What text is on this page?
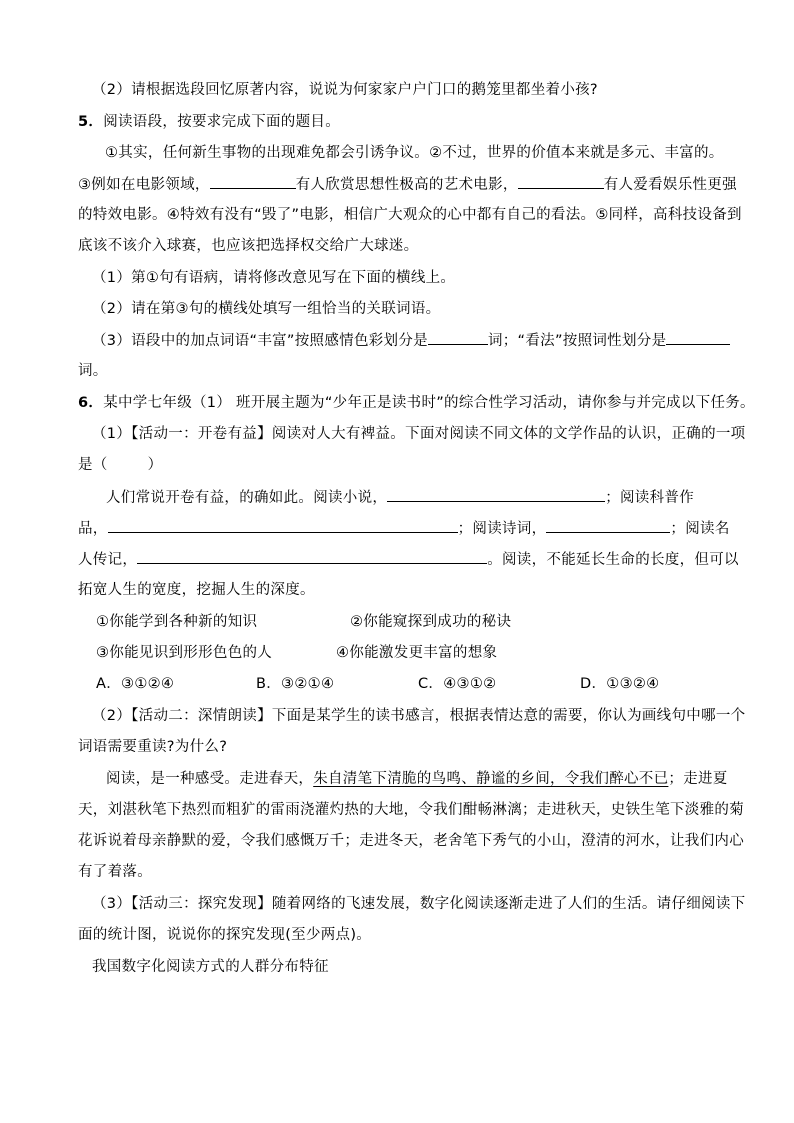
（2）请根据选段回忆原著内容，说说为何家家户户门口的鹅笼里都坐着小孩?
5．阅读语段，按要求完成下面的题目。
①其实，任何新生事物的出现难免都会引诱争议。②不过，世界的价值本来就是多元、丰富的。
③例如在电影领域，	有人欣赏思想性极高的艺术电影，	有人爱看娱乐性更强
的特效电影。④特效有没有“毁了”电影，相信广大观众的心中都有自己的看法。⑤同样，高科技设备到
底该不该介入球赛，也应该把选择权交给广大球迷。
（1）第①句有语病，请将修改意见写在下面的横线上。
（2）请在第③句的横线处填写一组恰当的关联词语。
（3）语段中的加点词语“丰富”按照感情色彩划分是	词；“看法”按照词性划分是
词。
6．某中学七年级（1） 班开展主题为“少年正是读书时”的综合性学习活动，请你参与并完成以下任务。
（1）【活动一：开卷有益】阅读对人大有裨益。下面对阅读不同文体的文学作品的认识，正确的一项
是（	）
人们常说开卷有益，的确如此。阅读小说，	；阅读科普作
品，	；阅读诗词，	；阅读名
人传记，	。阅读，不能延长生命的长度，但可以
拓宽人生的宽度，挖掘人生的深度。
①你能学到各种新的知识	②你能窥探到成功的秘诀
③你能见识到形形色色的人	④你能激发更丰富的想象
A．③①②④	B．③②①④	C．④③①②	D．①③②④
（2）【活动二：深情朗读】下面是某学生的读书感言，根据表情达意的需要，你认为画线句中哪一个
词语需要重读?为什么?
阅读，是一种感受。走进春天，朱自清笔下清脆的鸟鸣、静谧的乡间，令我们醉心不已；走进夏
天，刘湛秋笔下热烈而粗犷的雷雨浇灌灼热的大地，令我们酣畅淋漓；走进秋天，史铁生笔下淡雅的菊
花诉说着母亲静默的爱，令我们感慨万千；走进冬天，老舍笔下秀气的小山，澄清的河水，让我们内心
有了着落。
（3）【活动三：探究发现】随着网络的飞速发展，数字化阅读逐渐走进了人们的生活。请仔细阅读下
面的统计图，说说你的探究发现(至少两点)。
我国数字化阅读方式的人群分布特征
